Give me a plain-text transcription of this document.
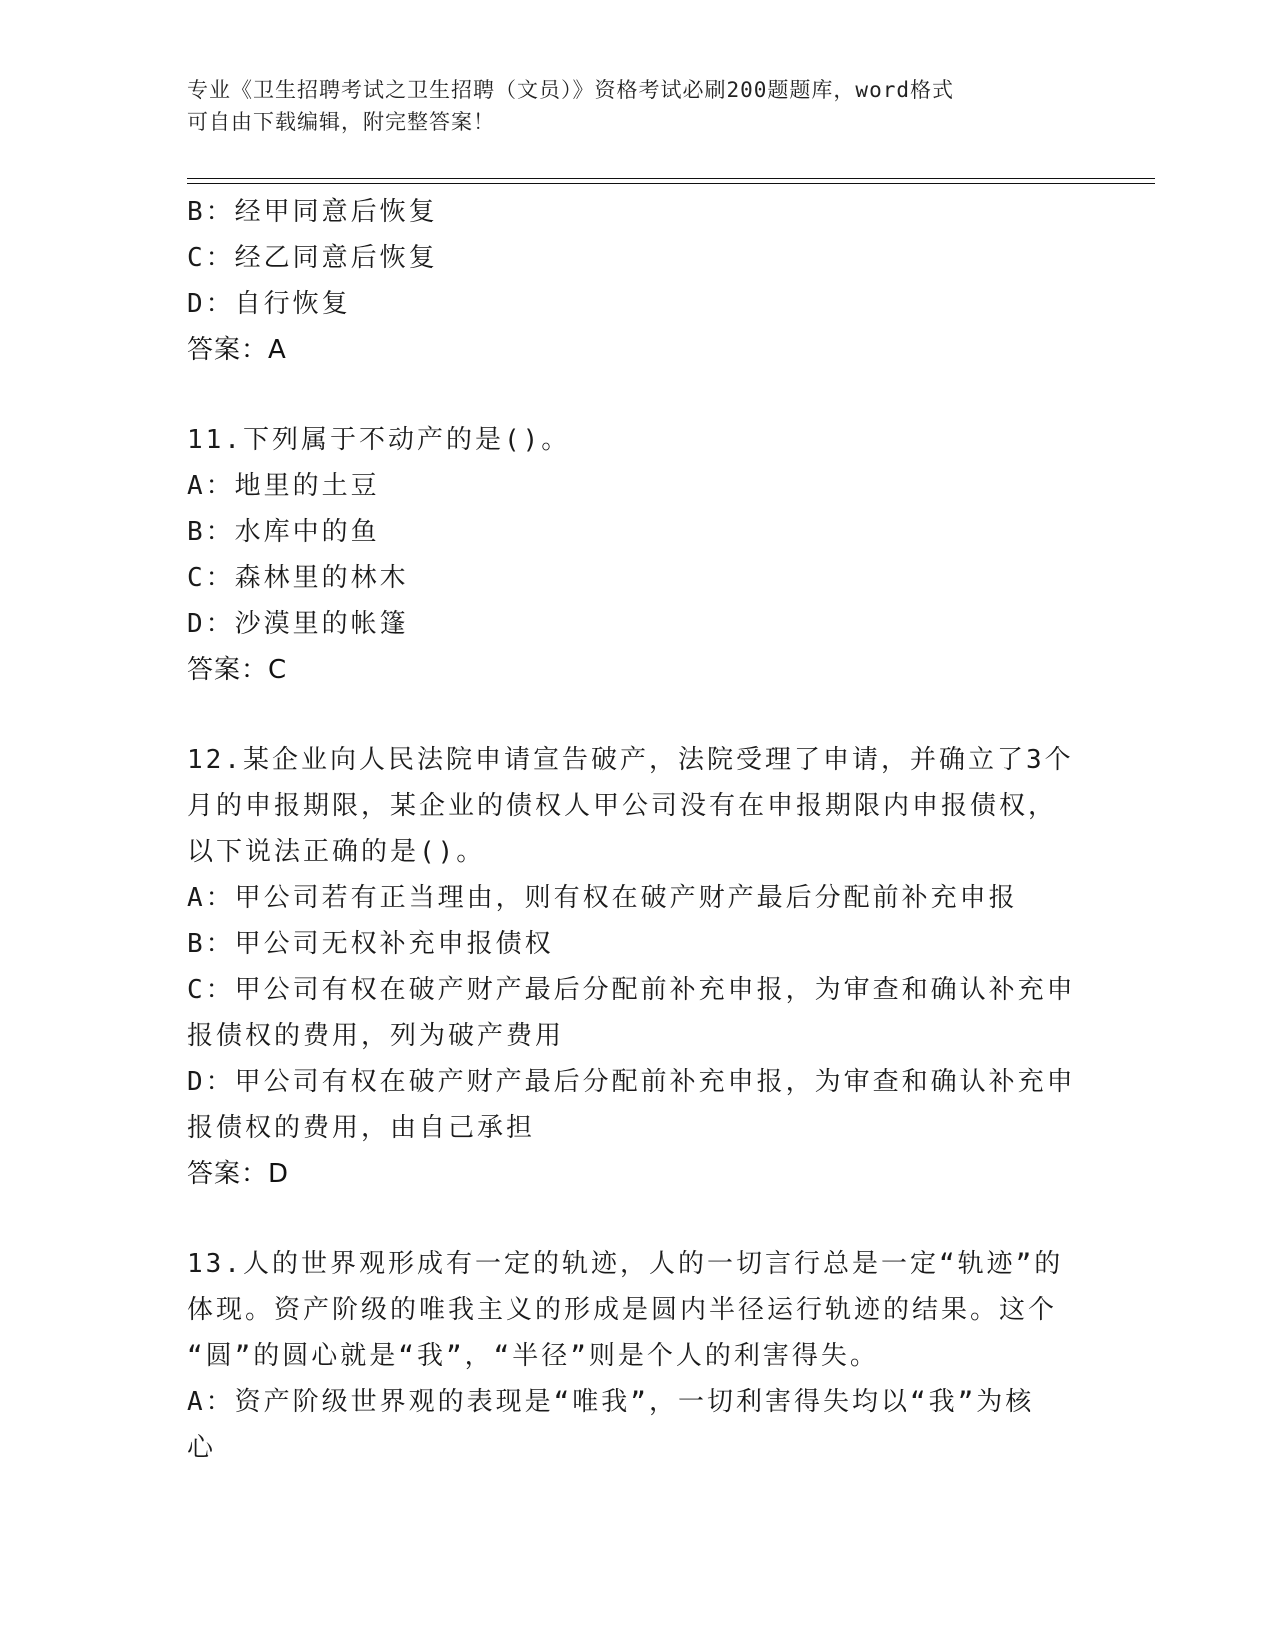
专业《卫生招聘考试之卫生招聘（文员）》资格考试必刷200题题库，word格式
可自由下载编辑，附完整答案！
B：经甲同意后恢复
C：经乙同意后恢复
D：自行恢复
答案：A
11.下列属于不动产的是()。
A：地里的土豆
B：水库中的鱼
C：森林里的林木
D：沙漠里的帐篷
答案：C
12.某企业向人民法院申请宣告破产，法院受理了申请，并确立了3个
月的申报期限，某企业的债权人甲公司没有在申报期限内申报债权，
以下说法正确的是()。
A：甲公司若有正当理由，则有权在破产财产最后分配前补充申报
B：甲公司无权补充申报债权
C：甲公司有权在破产财产最后分配前补充申报，为审查和确认补充申
报债权的费用，列为破产费用
D：甲公司有权在破产财产最后分配前补充申报，为审查和确认补充申
报债权的费用，由自己承担
答案：D
13.人的世界观形成有一定的轨迹，人的一切言行总是一定“轨迹”的
体现。资产阶级的唯我主义的形成是圆内半径运行轨迹的结果。这个
“圆”的圆心就是“我”，“半径”则是个人的利害得失。
A：资产阶级世界观的表现是“唯我”，一切利害得失均以“我”为核
心
